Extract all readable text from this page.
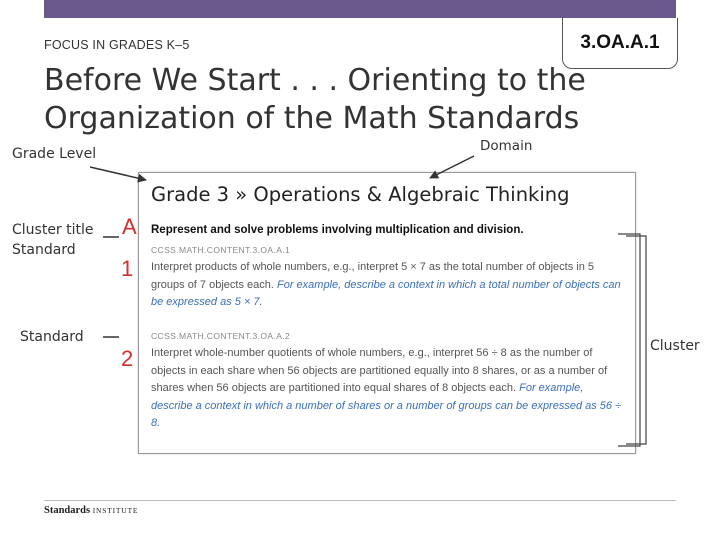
FOCUS IN GRADES K–5	3.OA.A.1
Before We Start . . . Orienting to the
Organization of the Math Standards
Grade Level	Domain
Cluster title
Standard
Standard
A
1
2
Grade 3 » Operations & Algebraic Thinking
Represent and solve problems involving multiplication and division.
CCSS.MATH.CONTENT.3.OA.A.1
Interpret products of whole numbers, e.g., interpret 5 × 7 as the total number of objects in 5 groups of 7 objects each. For example, describe a context in which a total number of objects can be expressed as 5 × 7.
CCSS.MATH.CONTENT.3.OA.A.2
Interpret whole-number quotients of whole numbers, e.g., interpret 56 ÷ 8 as the number of objects in each share when 56 objects are partitioned equally into 8 shares, or as a number of shares when 56 objects are partitioned into equal shares of 8 objects each. For example, describe a context in which a number of shares or a number of groups can be expressed as 56 ÷ 8.
Cluster
Standards INSTITUTE
